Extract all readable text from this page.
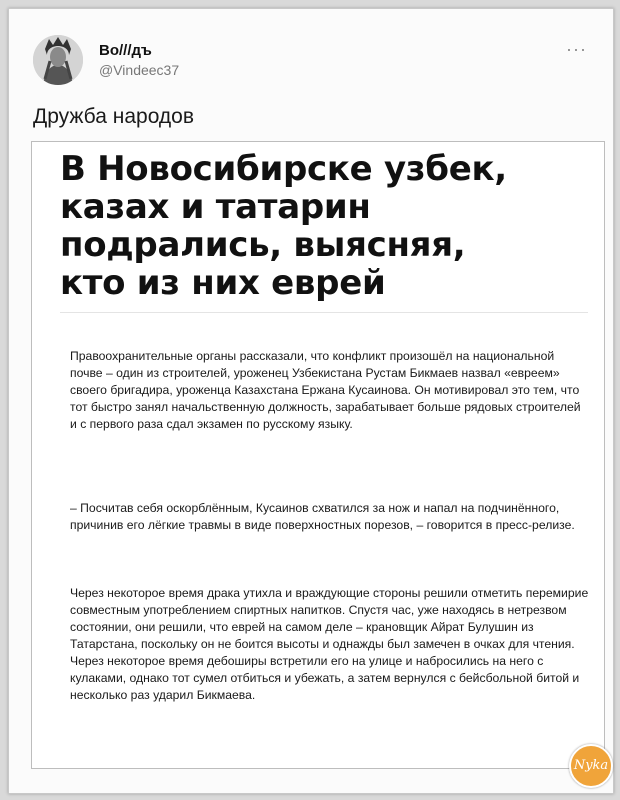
Во///дъ
@Vindeec37
···
Дружба народов
В Новосибирске узбек,
казах и татарин
подрались, выясняя,
кто из них еврей
Правоохранительные органы рассказали, что конфликт произошёл на национальной почве – один из строителей, уроженец Узбекистана Рустам Бикмаев назвал «евреем» своего бригадира, уроженца Казахстана Ержана Кусаинова. Он мотивировал это тем, что тот быстро занял начальственную должность, зарабатывает больше рядовых строителей и с первого раза сдал экзамен по русскому языку.
– Посчитав себя оскорблённым, Кусаинов схватился за нож и напал на подчинённого, причинив его лёгкие травмы в виде поверхностных порезов, – говорится в пресс-релизе.
Через некоторое время драка утихла и враждующие стороны решили отметить перемирие совместным употреблением спиртных напитков. Спустя час, уже находясь в нетрезвом состоянии, они решили, что еврей на самом деле – крановщик Айрат Булушин из Татарстана, поскольку он не боится высоты и однажды был замечен в очках для чтения. Через некоторое время дебоширы встретили его на улице и набросились на него с кулаками, однако тот сумел отбиться и убежать, а затем вернулся с бейсбольной битой и несколько раз ударил Бикмаева.
Nyka
